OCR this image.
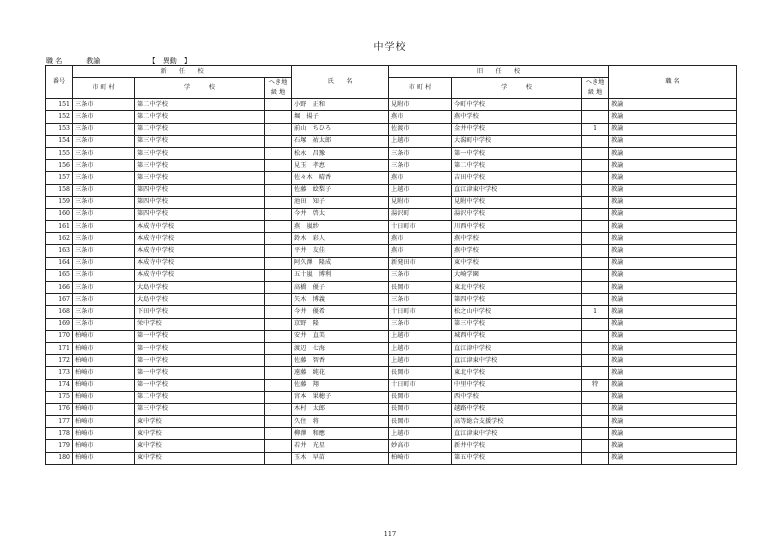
中学校
職 名	教諭	【 異動 】
番号	新　　任　　校			氏　　名	旧　　任　　校			職 名
	市 町 村	学　　　校	へき地
級 地		市 町 村	学　　　校	へき地
級 地	
151	三条市	第二中学校		小野　正和	見附市	今町中学校		教諭
152	三条市	第二中学校		堀　揚子	燕市	燕中学校		教諭
153	三条市	第二中学校		前山　ちひろ	佐渡市	金井中学校	1	教諭
154	三条市	第三中学校		石塚　祐太郎	上越市	大潟町中学校		教諭
155	三条市	第三中学校		松永　昌豫	三条市	第一中学校		教諭
156	三条市	第三中学校		見玉　孝恵	三条市	第二中学校		教諭
157	三条市	第三中学校		佐々木　晴香	燕市	吉田中学校		教諭
158	三条市	第四中学校		佐藤　絵梨子	上越市	直江津東中学校		教諭
159	三条市	第四中学校		池田　知子	見附市	見附中学校		教諭
160	三条市	第四中学校		今井　啓太	湯沢町	湯沢中学校		教諭
161	三条市	本成寺中学校		燕　嵐紗	十日町市	川西中学校		教諭
162	三条市	本成寺中学校		鈴木　彩人	燕市	燕中学校		教諭
163	三条市	本成寺中学校		平井　友佳	燕市	燕中学校		教諭
164	三条市	本成寺中学校		阿久澤　隆成	新発田市	東中学校		教諭
165	三条市	本成寺中学校		五十嵐　博利	三条市	大崎学園		教諭
166	三条市	大島中学校		高橋　優子	長岡市	東北中学校		教諭
167	三条市	大島中学校		矢木　博義	三条市	第四中学校		教諭
168	三条市	下田中学校		今井　優希	十日町市	松之山中学校	1	教諭
169	三条市	栄中学校		京野　隆	三条市	第三中学校		教諭
170	柏崎市	第一中学校		安井　直美	上越市	城西中学校		教諭
171	柏崎市	第一中学校		渡辺　七海	上越市	直江津中学校		教諭
172	柏崎市	第一中学校		佐藤　智香	上越市	直江津東中学校		教諭
173	柏崎市	第一中学校		遠藤　純花	長岡市	東北中学校		教諭
174	柏崎市	第一中学校		佐藤　翔	十日町市	中里中学校	特	教諭
175	柏崎市	第二中学校		宮本　果穂子	長岡市	西中学校		教諭
176	柏崎市	第三中学校		木村　太郎	長岡市	越路中学校		教諭
177	柏崎市	東中学校		久住　将	長岡市	高等総合支援学校		教諭
178	柏崎市	東中学校		柳澤　和應	上越市	直江津東中学校		教諭
179	柏崎市	東中学校		若井　光星	妙高市	新井中学校		教諭
180	柏崎市	東中学校		玉木　早苗	柏崎市	第五中学校		教諭
117
